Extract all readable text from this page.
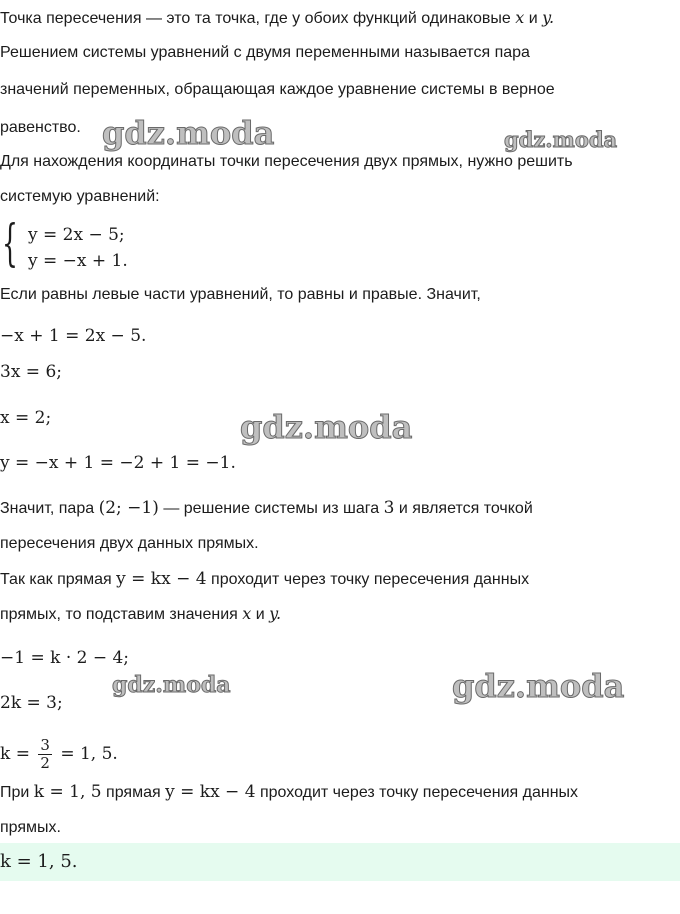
Точка пересечения — это та точка, где у обоих функций одинаковые x и y.
Решением системы уравнений с двумя переменными называется пара
значений переменных, обращающая каждое уравнение системы в верное
равенство.
Для нахождения координаты точки пересечения двух прямых, нужно решить
системую уравнений:
{ y = 2x − 5;
y = −x + 1.
Если равны левые части уравнений, то равны и правые. Значит,
−x + 1 = 2x − 5.
3x = 6;
x = 2;
y = −x + 1 = −2 + 1 = −1.
Значит, пара (2; −1) — решение системы из шага 3 и является точкой
пересечения двух данных прямых.
Так как прямая y = kx − 4 проходит через точку пересечения данных
прямых, то подставим значения x и y.
−1 = k · 2 − 4;
2k = 3;
$k = \frac{3}{2} = 1$, 5.
При k = 1, 5 прямая y = kx − 4 проходит через точку пересечения данных
прямых.
k = 1, 5.
gdz.moda	gdz.moda
gdz.moda
gdz.moda	gdz.moda
